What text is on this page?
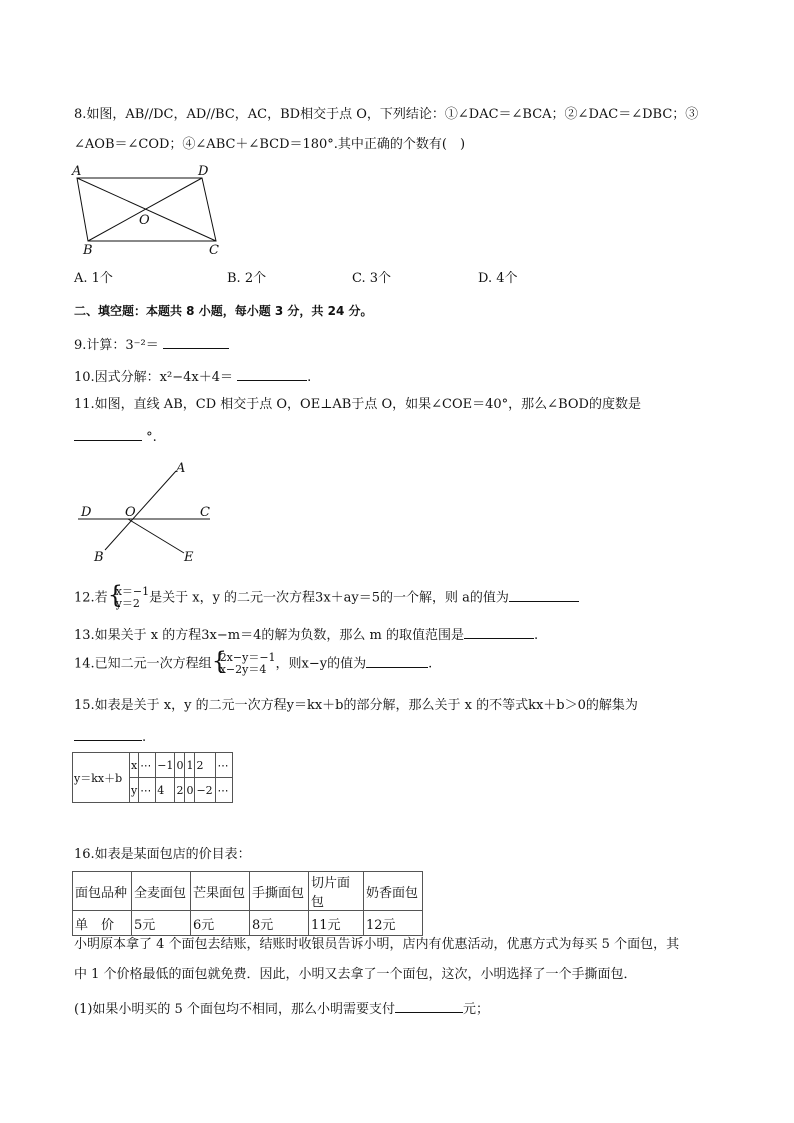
8.如图，AB//DC，AD//BC，AC，BD相交于点 O，下列结论：①∠DAC＝∠BCA；②∠DAC＝∠DBC；③
∠AOB＝∠COD；④∠ABC＋∠BCD＝180°.其中正确的个数有(　)
A	D
O
B	C
A. 1个	B. 2个	C. 3个	D. 4个
二、填空题：本题共 8 小题，每小题 3 分，共 24 分。
9.计算：3⁻²＝
10.因式分解：x²−4x＋4＝	.
11.如图，直线 AB，CD 相交于点 O，OE⊥AB于点 O，如果∠COE＝40°，那么∠BOD的度数是
°.
A
D	O	C
B	E
12.若 { x＝−1
y＝2 是关于 x，y 的二元一次方程3x＋ay＝5的一个解，则 a的值为
13.如果关于 x 的方程3x−m＝4的解为负数，那么 m 的取值范围是	.
14.已知二元一次方程组 { 2x−y＝−1
x−2y＝4 ，则x−y的值为	.
15.如表是关于 x，y 的二元一次方程y＝kx＋b的部分解，那么关于 x 的不等式kx＋b＞0的解集为
.
y＝kx＋b	x	⋯	−1	0	1	2	⋯
	y	⋯	4	2	0	−2	⋯
16.如表是某面包店的价目表：
面包品种	全麦面包	芒果面包	手撕面包	切片面包	奶香面包
单　价	5元	6元	8元	11元	12元
小明原本拿了 4 个面包去结账，结账时收银员告诉小明，店内有优惠活动，优惠方式为每买 5 个面包，其
中 1 个价格最低的面包就免费．因此，小明又去拿了一个面包，这次，小明选择了一个手撕面包．
(1)如果小明买的 5 个面包均不相同，那么小明需要支付	元；
